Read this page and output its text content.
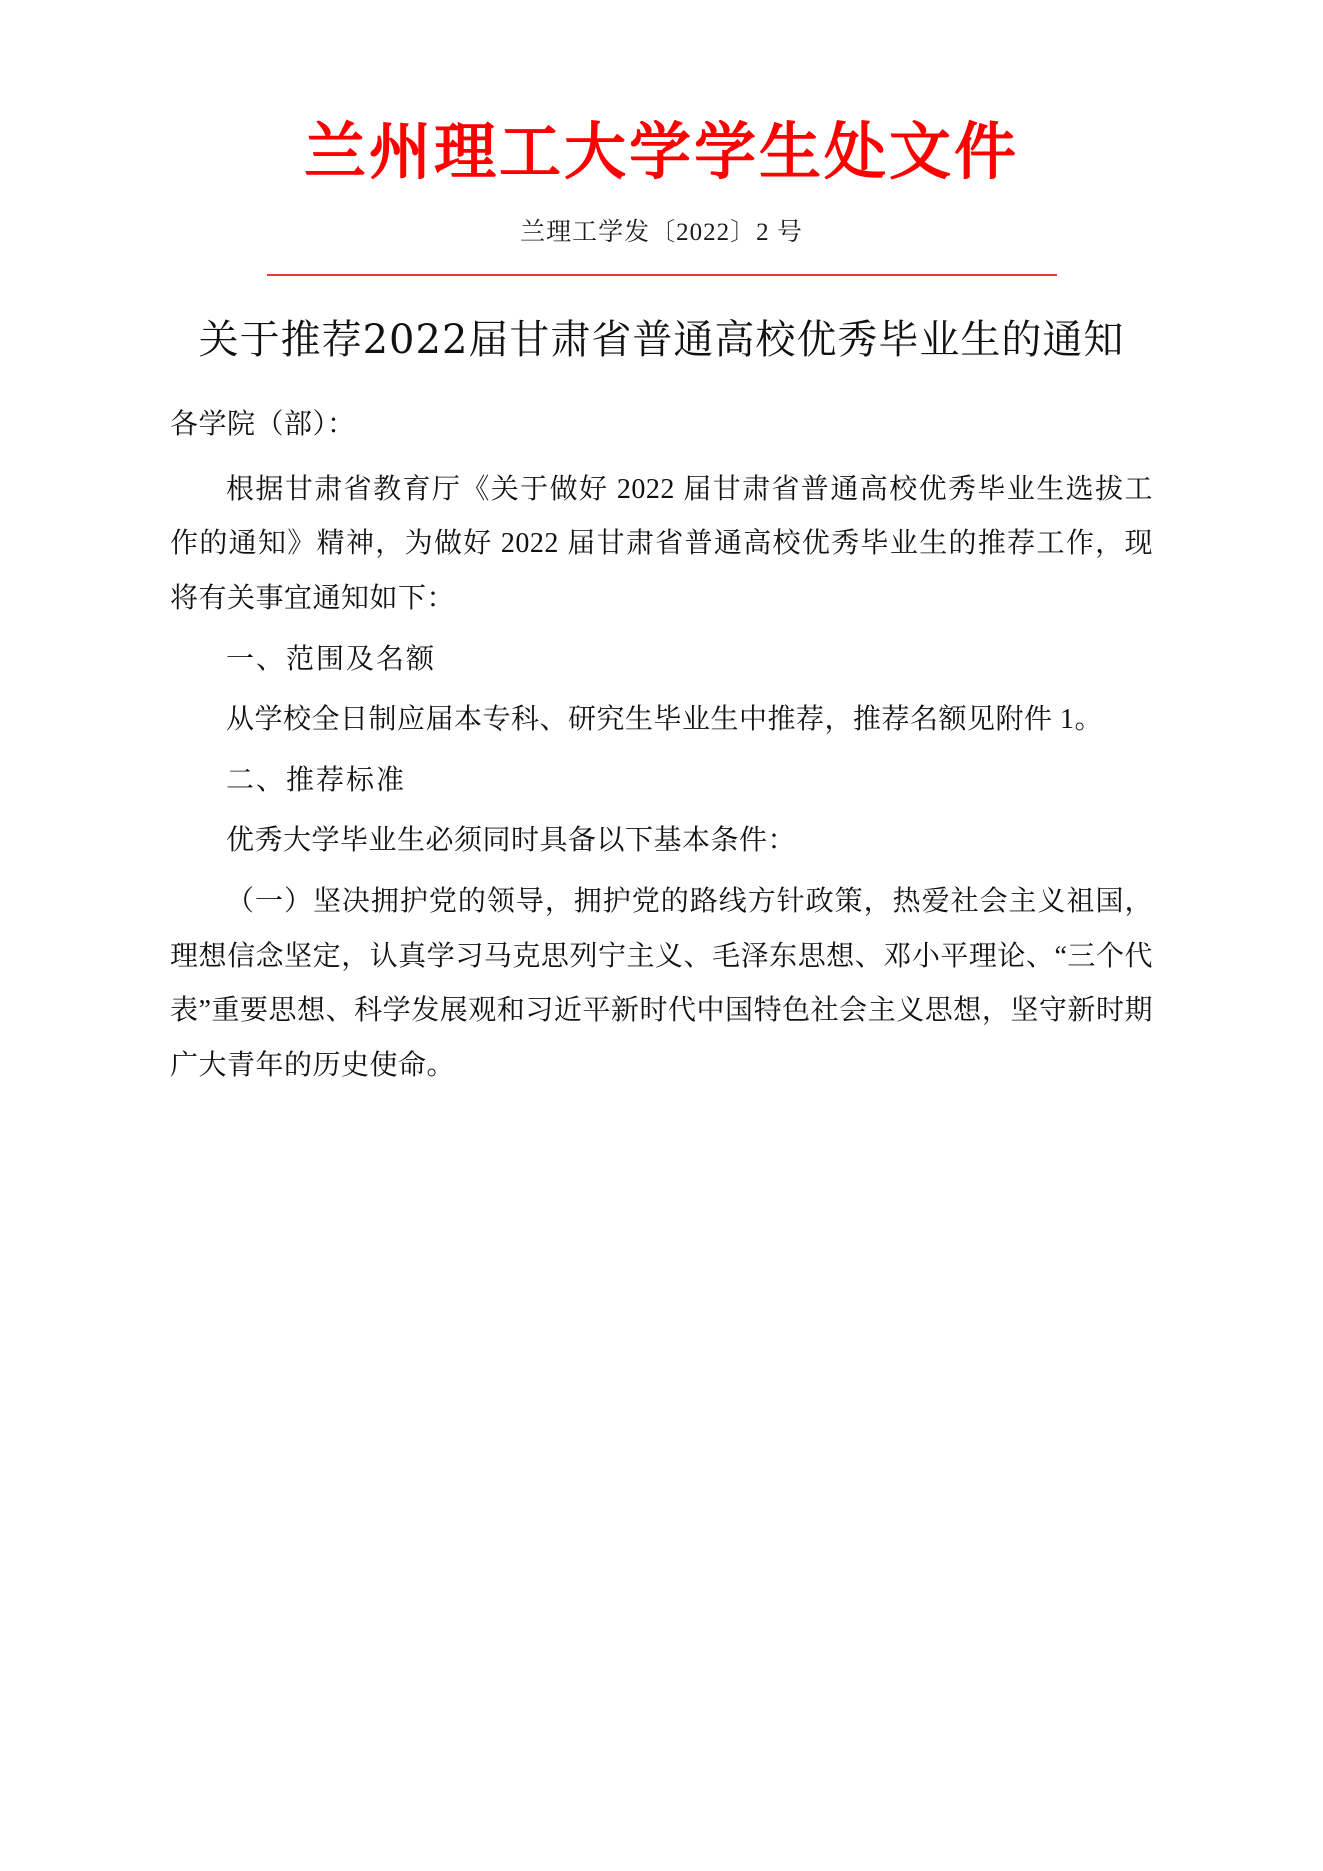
兰州理工大学学生处文件
兰理工学发〔2022〕2 号
关于推荐2022届甘肃省普通高校优秀毕业生的通知

各学院（部）：

根据甘肃省教育厅《关于做好 2022 届甘肃省普通高校优秀毕业生选拔工作的通知》精神，为做好 2022 届甘肃省普通高校优秀毕业生的推荐工作，现将有关事宜通知如下：

一、范围及名额

从学校全日制应届本专科、研究生毕业生中推荐，推荐名额见附件 1。

二、推荐标准

优秀大学毕业生必须同时具备以下基本条件：

（一）坚决拥护党的领导，拥护党的路线方针政策，热爱社会主义祖国，理想信念坚定，认真学习马克思列宁主义、毛泽东思想、邓小平理论、“三个代表”重要思想、科学发展观和习近平新时代中国特色社会主义思想，坚守新时期广大青年的历史使命。
